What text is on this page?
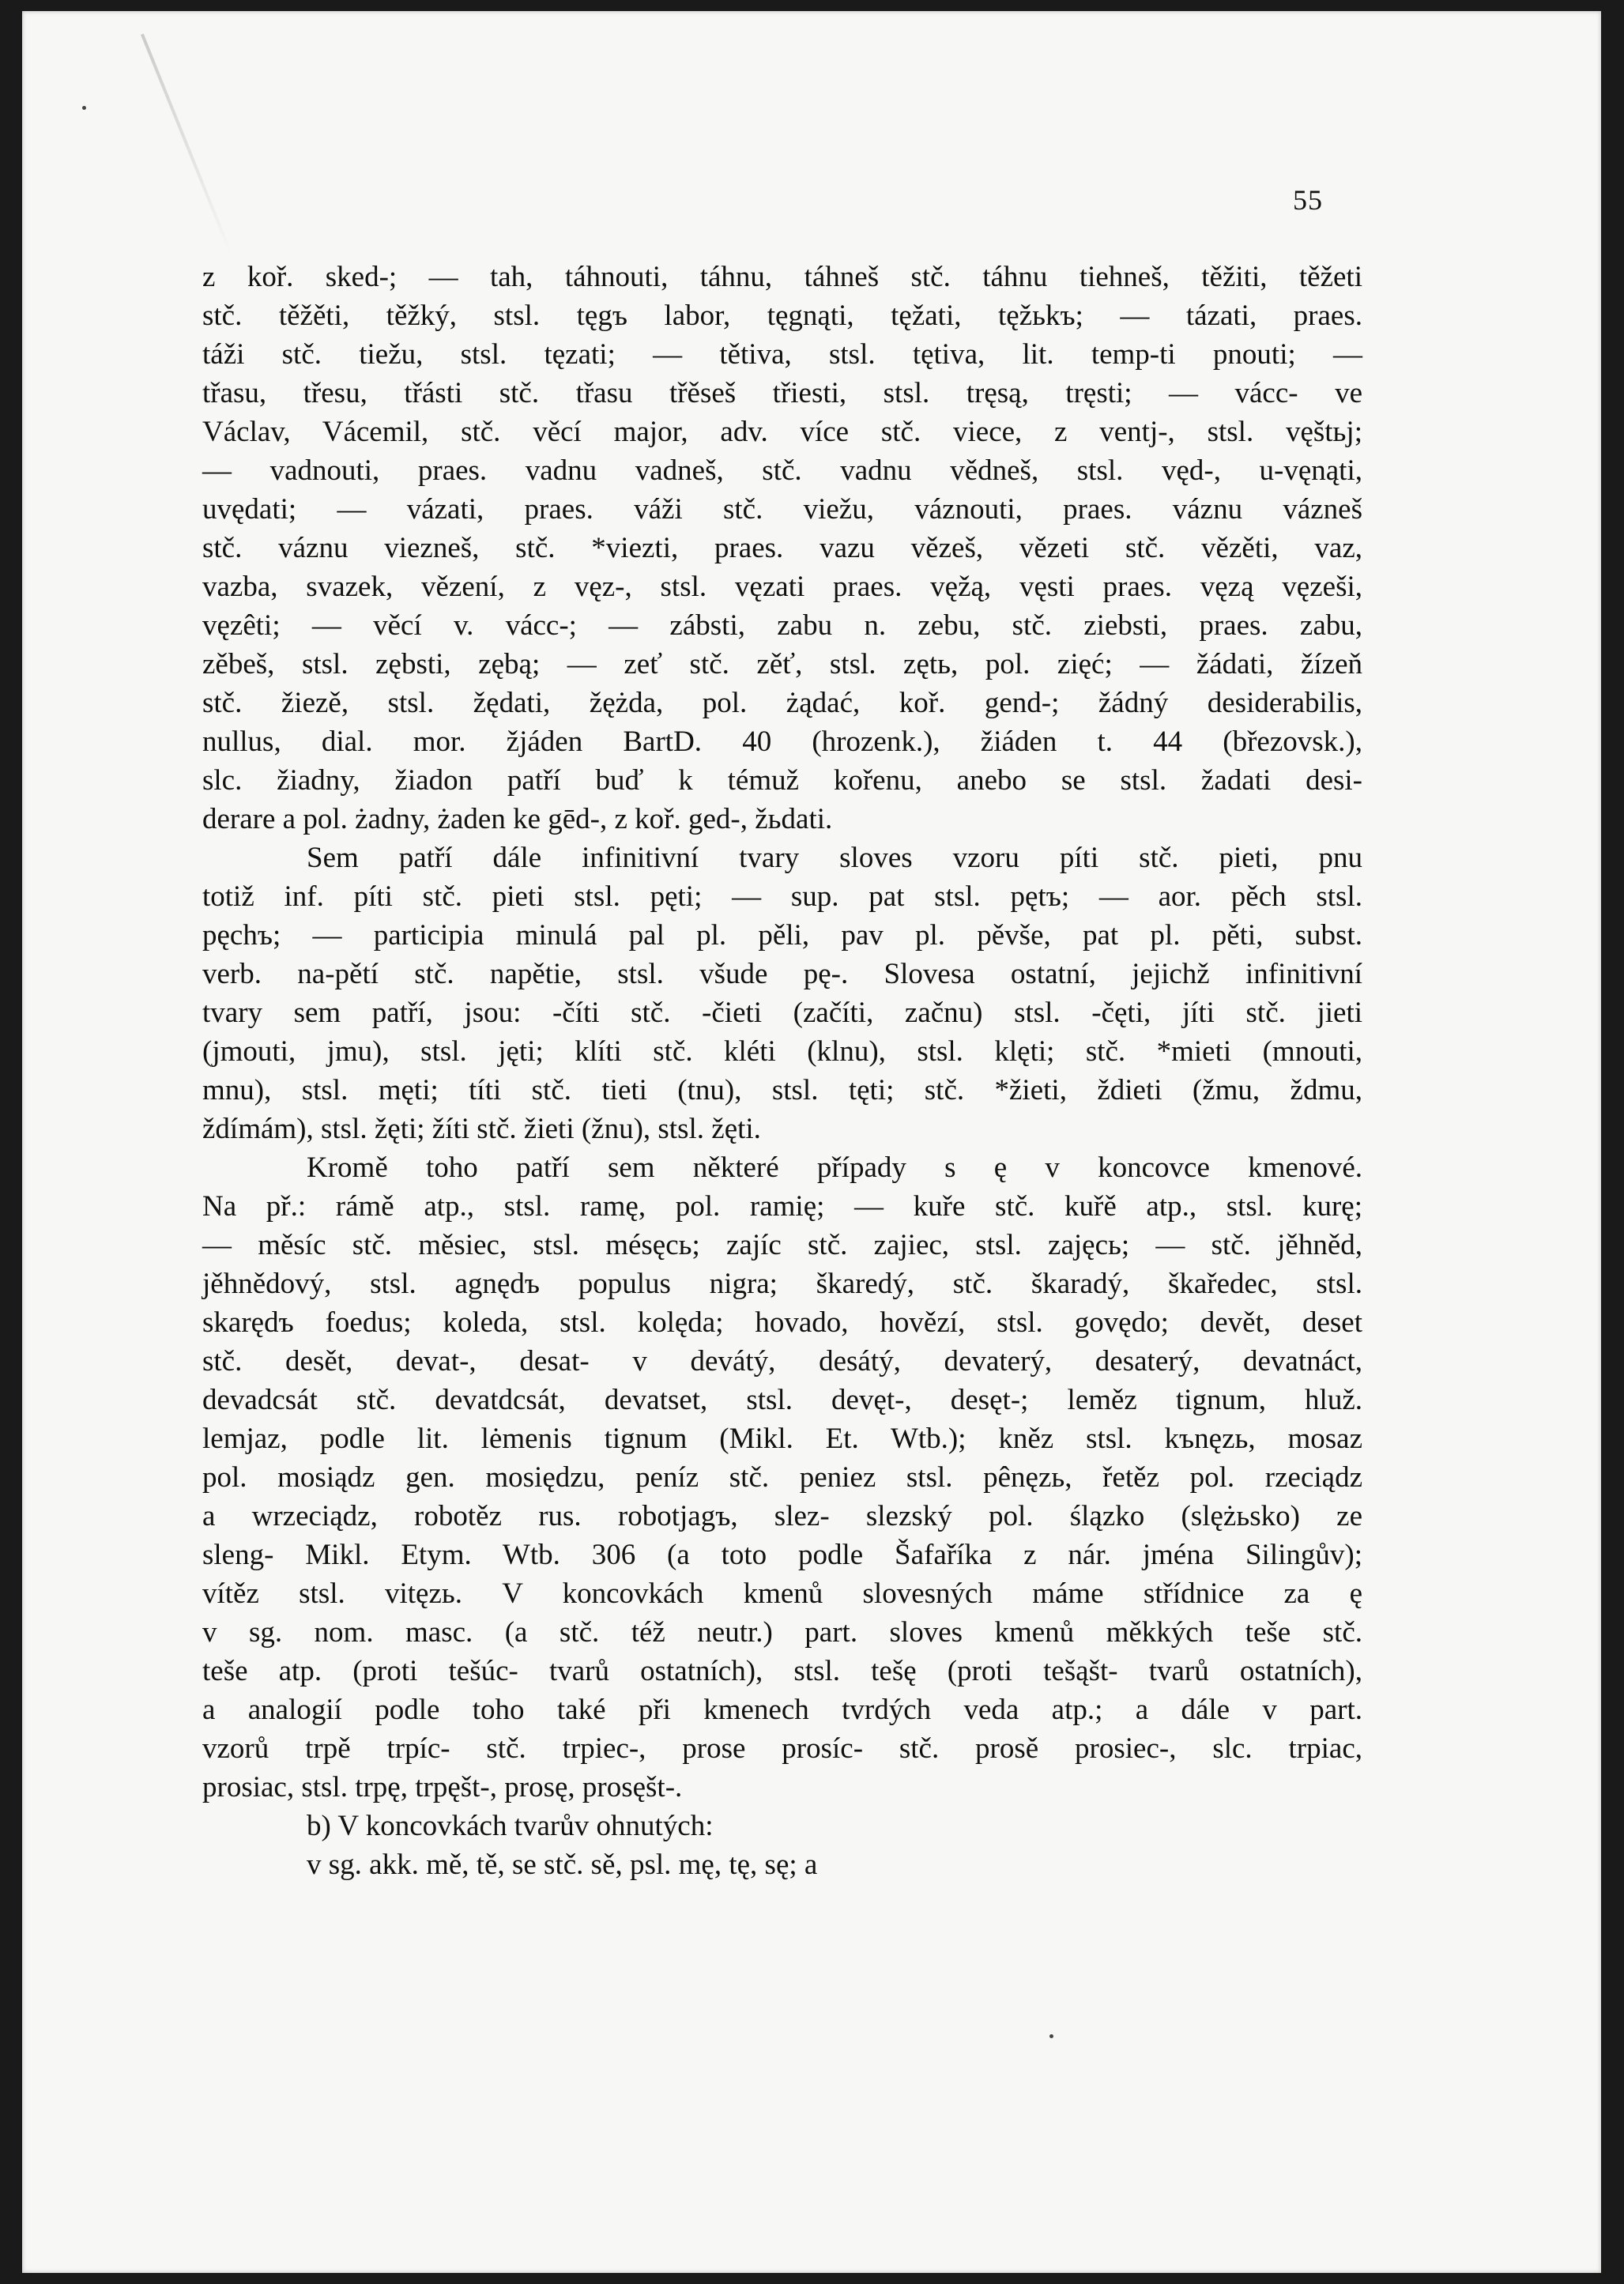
55
z koř. sked-; — tah, táhnouti, táhnu, táhneš stč. táhnu tiehneš, těžiti, těžeti
stč. těžěti, těžký, stsl. tęgъ labor, tęgnąti, tęžati, tęžьkъ; — tázati, praes.
táži stč. tiežu, stsl. tęzati; — tětiva, stsl. tętiva, lit. temp-ti pnouti; —
třasu, třesu, třásti stč. třasu třěseš třiesti, stsl. tręsą, tręsti; — vácc- ve
Václav, Vácemil, stč. věcí major, adv. více stč. viece, z ventj-, stsl. vęštьj;
— vadnouti, praes. vadnu vadneš, stč. vadnu vědneš, stsl. vęd-, u-vęnąti,
uvędati; — vázati, praes. váži stč. viežu, váznouti, praes. váznu vázneš
stč. váznu viezneš, stč. *viezti, praes. vazu vězeš, vězeti stč. vězěti, vaz,
vazba, svazek, vězení, z vęz-, stsl. vęzati praes. vęžą, vęsti praes. vęzą vęzeši,
vęzêti; — věcí v. vácc-; — zábsti, zabu n. zebu, stč. ziebsti, praes. zabu,
zěbeš, stsl. zębsti, zębą; — zeť stč. zěť, stsl. zętь, pol. zięć; — žádati, žízeň
stč. žiezě, stsl. žędati, žężda, pol. żądać, koř. gend-; žádný desiderabilis,
nullus, dial. mor. žjáden BartD. 40 (hrozenk.), žiáden t. 44 (březovsk.),
slc. žiadny, žiadon patří buď k témuž kořenu, anebo se stsl. žadati desi-
derare a pol. żadny, żaden ke gēd-, z koř. ged-, žьdati.
Sem patří dále infinitivní tvary sloves vzoru píti stč. pieti, pnu
totiž inf. píti stč. pieti stsl. pęti; — sup. pat stsl. pętъ; — aor. pěch stsl.
pęchъ; — participia minulá pal pl. pěli, pav pl. pěvše, pat pl. pěti, subst.
verb. na-pětí stč. napětie, stsl. všude pę-. Slovesa ostatní, jejichž infinitivní
tvary sem patří, jsou: -číti stč. -čieti (začíti, začnu) stsl. -čęti, jíti stč. jieti
(jmouti, jmu), stsl. jęti; klíti stč. kléti (klnu), stsl. klęti; stč. *mieti (mnouti,
mnu), stsl. męti; títi stč. tieti (tnu), stsl. tęti; stč. *žieti, ždieti (žmu, ždmu,
ždímám), stsl. žęti; žíti stč. žieti (žnu), stsl. žęti.
Kromě toho patří sem některé případy s ę v koncovce kmenové.
Na př.: rámě atp., stsl. ramę, pol. ramię; — kuře stč. kuřě atp., stsl. kurę;
— měsíc stč. měsiec, stsl. mésęcь; zajíc stč. zajiec, stsl. zajęcь; — stč. jěhněd,
jěhnědový, stsl. agnędъ populus nigra; škaredý, stč. škaradý, škaředec, stsl.
skarędъ foedus; koleda, stsl. kolęda; hovado, hovězí, stsl. govędo; devět, deset
stč. desět, devat-, desat- v devátý, desátý, devaterý, desaterý, devatnáct,
devadcsát stč. devatdcsát, devatset, stsl. devęt-, desęt-; leměz tignum, hluž.
lemjaz, podle lit. lėmenis tignum (Mikl. Et. Wtb.); kněz stsl. kъnęzь, mosaz
pol. mosiądz gen. mosiędzu, peníz stč. peniez stsl. pênęzь, řetěz pol. rzeciądz
a wrzeciądz, robotěz rus. robotjagъ, slez- slezský pol. ślązko (slężьsko) ze
sleng- Mikl. Etym. Wtb. 306 (a toto podle Šafaříka z nár. jména Silingův);
vítěz stsl. vitęzь. V koncovkách kmenů slovesných máme střídnice za ę
v sg. nom. masc. (a stč. též neutr.) part. sloves kmenů měkkých teše stč.
teše atp. (proti tešúc- tvarů ostatních), stsl. tešę (proti tešąšt- tvarů ostatních),
a analogií podle toho také při kmenech tvrdých veda atp.; a dále v part.
vzorů trpě trpíc- stč. trpiec-, prose prosíc- stč. prosě prosiec-, slc. trpiac,
prosiac, stsl. trpę, trpęšt-, prosę, prosęšt-.
b) V koncovkách tvarův ohnutých:
v sg. akk. mě, tě, se stč. sě, psl. mę, tę, sę; a
